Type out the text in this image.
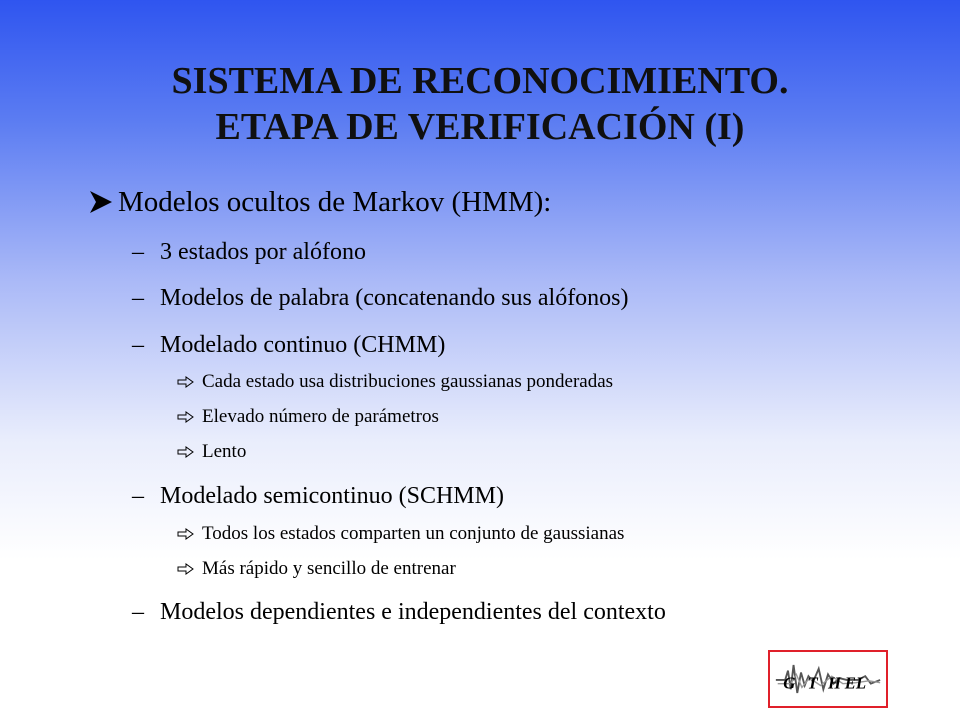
SISTEMA DE RECONOCIMIENTO.
ETAPA DE VERIFICACIÓN (I)
Modelos ocultos de Markov (HMM):
– 3 estados por alófono
– Modelos de palabra (concatenando sus alófonos)
– Modelado continuo (CHMM)
Cada estado usa distribuciones gaussianas ponderadas
Elevado número de parámetros
Lento
– Modelado semicontinuo (SCHMM)
Todos los estados comparten un conjunto de gaussianas
Más rápido y sencillo de entrenar
– Modelos dependientes e independientes del contexto
G T H EL
